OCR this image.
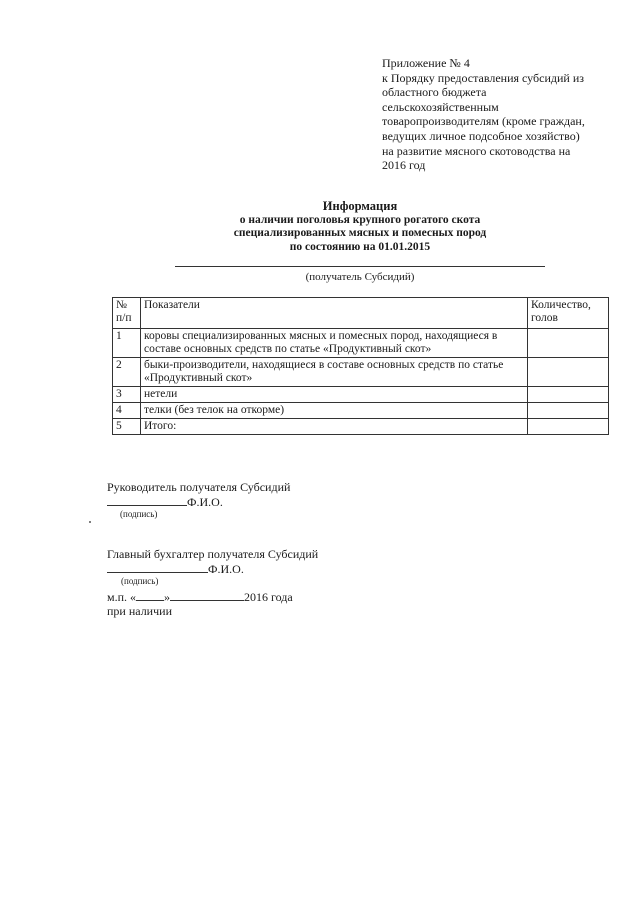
Приложение № 4
к Порядку предоставления субсидий из
областного бюджета
сельскохозяйственным
товаропроизводителям (кроме граждан,
ведущих личное подсобное хозяйство)
на развитие мясного скотоводства на
2016 год
Информация
о наличии поголовья крупного рогатого скота
специализированных мясных и помесных пород
по состоянию на 01.01.2015
(получатель Субсидий)
№ п/п	Показатели	Количество, голов
1	коровы специализированных мясных и помесных пород, находящиеся в составе основных средств по статье «Продуктивный скот»	
2	быки-производители, находящиеся в составе основных средств по статье «Продуктивный скот»	
3	нетели	
4	телки (без телок на откорме)	
5	Итого:	
Руководитель получателя Субсидий
Ф.И.О.
(подпись)
Главный бухгалтер получателя Субсидий
Ф.И.О.
(подпись)
м.п. « »	2016 года
при наличии
